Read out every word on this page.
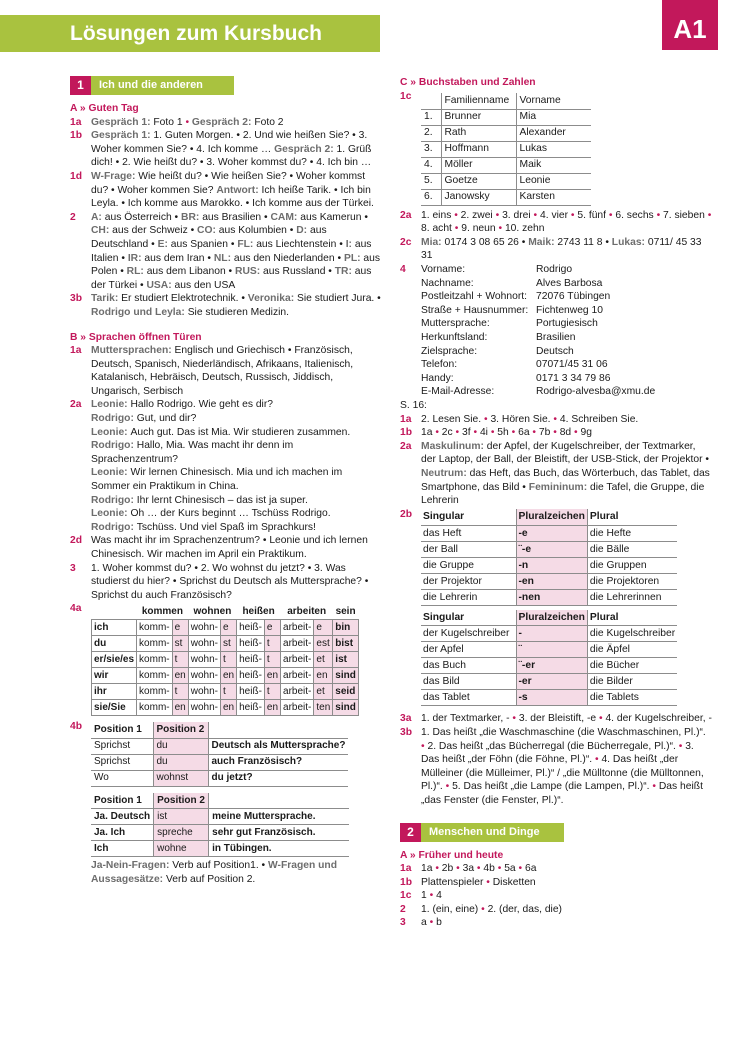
Lösungen zum Kursbuch	A1
1	Ich und die anderen
A » Guten Tag
1a Gespräch 1: Foto 1 • Gespräch 2: Foto 2
1b Gespräch 1: 1. Guten Morgen. • 2. Und wie heißen Sie? • 3. Woher kommen Sie? • 4. Ich komme … Gespräch 2: 1. Grüß dich! • 2. Wie heißt du? • 3. Woher kommst du? • 4. Ich bin …
1d W-Frage: Wie heißt du? • Wie heißen Sie? • Woher kommst du? • Woher kommen Sie? Antwort: Ich heiße Tarik. • Ich bin Leyla. • Ich komme aus Marokko. • Ich komme aus der Türkei.
2	A: aus Österreich • BR: aus Brasilien • CAM: aus Kamerun • CH: aus der Schweiz • CO: aus Kolumbien • D: aus Deutschland • E: aus Spanien • FL: aus Liechtenstein • I: aus Italien • IR: aus dem Iran • NL: aus den Niederlanden • PL: aus Polen • RL: aus dem Libanon • RUS: aus Russland • TR: aus der Türkei • USA: aus den USA
3b Tarik: Er studiert Elektrotechnik. • Veronika: Sie studiert Jura. • Rodrigo und Leyla: Sie studieren Medizin.
B » Sprachen öffnen Türen
1a Muttersprachen: Englisch und Griechisch • Französisch, Deutsch, Spanisch, Niederländisch, Afrikaans, Italienisch, Katalanisch, Hebräisch, Deutsch, Russisch, Jiddisch, Ungarisch, Serbisch
2a Leonie: Hallo Rodrigo. Wie geht es dir?
Rodrigo: Gut, und dir?
Leonie: Auch gut. Das ist Mia. Wir studieren zusammen.
Rodrigo: Hallo, Mia. Was macht ihr denn im Sprachenzentrum?
Leonie: Wir lernen Chinesisch. Mia und ich machen im Sommer ein Praktikum in China.
Rodrigo: Ihr lernt Chinesisch – das ist ja super.
Leonie: Oh … der Kurs beginnt … Tschüss Rodrigo.
Rodrigo: Tschüss. Und viel Spaß im Sprachkurs!
2d Was macht ihr im Sprachenzentrum? • Leonie und ich lernen Chinesisch. Wir machen im April ein Praktikum.
3	1. Woher kommst du? • 2. Wo wohnst du jetzt? • 3. Was studierst du hier? • Sprichst du Deutsch als Muttersprache? • Sprichst du auch Französisch?
4a
		kommen		wohnen		heißen		arbeiten		sein
ich	komm-	e	wohn-	e	heiß-	e	arbeit-	e	bin
du	komm-	st	wohn-	st	heiß-	t	arbeit-	est	bist
er/sie/es	komm-	t	wohn-	t	heiß-	t	arbeit-	et	ist
wir	komm-	en	wohn-	en	heiß-	en	arbeit-	en	sind
ihr	komm-	t	wohn-	t	heiß-	t	arbeit-	et	seid
sie/Sie	komm-	en	wohn-	en	heiß-	en	arbeit-	ten	sind
4b	Position 1	Position 2	
Sprichst	du	Deutsch als Muttersprache?
Sprichst	du	auch Französisch?
Wo	wohnst	du jetzt?
Position 1	Position 2	
Ja. Deutsch	ist	meine Muttersprache.
Ja. Ich	spreche	sehr gut Französisch.
Ich	wohne	in Tübingen.
Ja-Nein-Fragen: Verb auf Position1. • W-Fragen und Aussagesätze: Verb auf Position 2.
C » Buchstaben und Zahlen
1c
		Familienname	Vorname
1.	Brunner	Mia
2.	Rath	Alexander
3.	Hoffmann	Lukas
4.	Möller	Maik
5.	Goetze	Leonie
6.	Janowsky	Karsten
2a 1. eins • 2. zwei • 3. drei • 4. vier • 5. fünf • 6. sechs • 7. sieben • 8. acht • 9. neun • 10. zehn
2c Mia: 0174 3 08 65 26 • Maik: 2743 11 8 • Lukas: 0711/ 45 33 31
4	Vorname:	Rodrigo
Nachname:	Alves Barbosa
Postleitzahl + Wohnort: 72076 Tübingen
Straße + Hausnummer: Fichtenweg 10
Muttersprache:	Portugiesisch
Herkunftsland:	Brasilien
Zielsprache:	Deutsch
Telefon:	07071/45 31 06
Handy:	0171 3 34 79 86
E-Mail-Adresse:	Rodrigo-alvesba@xmu.de
S. 16:
1a 2. Lesen Sie. • 3. Hören Sie. • 4. Schreiben Sie.
1b 1a • 2c • 3f • 4i • 5h • 6a • 7b • 8d • 9g
2a Maskulinum: der Apfel, der Kugelschreiber, der Textmarker, der Laptop, der Ball, der Bleistift, der USB-Stick, der Projektor • Neutrum: das Heft, das Buch, das Wörterbuch, das Tablet, das Smartphone, das Bild • Femininum: die Tafel, die Gruppe, die Lehrerin
2b	Singular	Pluralzeichen	Plural
das Heft	-e	die Hefte
der Ball	¨-e	die Bälle
die Gruppe	-n	die Gruppen
der Projektor	-en	die Projektoren
die Lehrerin	-nen	die Lehrerinnen
Singular	Pluralzeichen	Plural
der Kugelschreiber	-	die Kugelschreiber
der Apfel	¨	die Äpfel
das Buch	¨-er	die Bücher
das Bild	-er	die Bilder
das Tablet	-s	die Tablets
3a 1. der Textmarker, - • 3. der Bleistift, -e • 4. der Kugelschreiber, -
3b 1. Das heißt „die Waschmaschine (die Waschmaschinen, Pl.)“. • 2. Das heißt „das Bücherregal (die Bücherregale, Pl.)“. • 3. Das heißt „der Föhn (die Föhne, Pl.)“. • 4. Das heißt „der Mülleiner (die Mülleimer, Pl.)“ / „die Mülltonne (die Mülltonnen, Pl.)“. • 5. Das heißt „die Lampe (die Lampen, Pl.)“. • Das heißt „das Fenster (die Fenster, Pl.)“.
2	Menschen und Dinge
A » Früher und heute
1a 1a • 2b • 3a • 4b • 5a • 6a
1b Plattenspieler • Disketten
1c 1 • 4
2	1. (ein, eine) • 2. (der, das, die)
3	a • b
